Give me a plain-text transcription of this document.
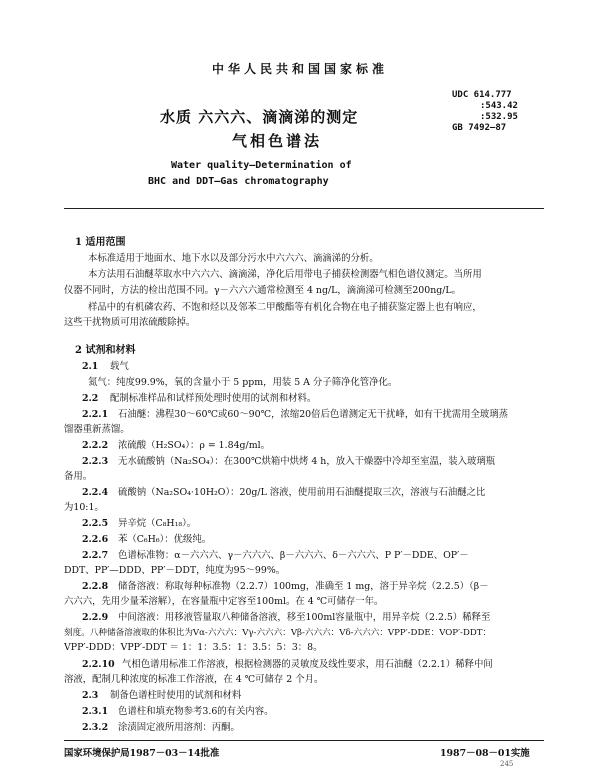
中华人民共和国国家标准
水质 六六六、滴滴涕的测定
气相色谱法
UDC 614.777
:543.42
:532.95
GB 7492—87
Water quality—Determination of
BHC and DDT—Gas chromatography
1 适用范围
本标准适用于地面水、地下水以及部分污水中六六六、滴滴涕的分析。
本方法用石油醚萃取水中六六六、滴滴涕，净化后用带电子捕获检测器气相色谱仪测定。当所用
仪器不同时，方法的检出范围不同。γ－六六六通常检测至 4 ng/L，滴滴涕可检测至200ng/L。
样品中的有机磷农药、不饱和烃以及邻苯二甲酸酯等有机化合物在电子捕获鉴定器上也有响应，
这些干扰物质可用浓硫酸除掉。
2 试剂和材料
2.1 载气
氮气：纯度99.9%，氧的含量小于 5 ppm，用装 5 A 分子筛净化管净化。
2.2 配制标准样品和试样预处理时使用的试剂和材料。
2.2.1 石油醚：沸程30～60℃或60～90℃，浓缩20倍后色谱测定无干扰峰，如有干扰需用全玻璃蒸
馏器重新蒸馏。
2.2.2 浓硫酸（H₂SO₄）：ρ = 1.84g/ml。
2.2.3 无水硫酸钠（Na₂SO₄）：在300℃烘箱中烘烤 4 h，放入干燥器中冷却至室温，装入玻璃瓶
备用。
2.2.4 硫酸钠（Na₂SO₄·10H₂O）：20g/L 溶液，使用前用石油醚提取三次，溶液与石油醚之比
为10:1。
2.2.5 异辛烷（C₈H₁₈）。
2.2.6 苯（C₆H₆）：优级纯。
2.2.7 色谱标准物：α－六六六、γ－六六六、β－六六六、δ－六六六、P P′－DDE、OP′－
DDT、PP′—DDD、PP′－DDT，纯度为95～99%。
2.2.8 储备溶液：称取每种标准物（2.2.7）100mg，准确至 1 mg，溶于异辛烷（2.2.5）（β－
六六六，先用少量苯溶解），在容量瓶中定容至100ml。在 4 ℃可储存一年。
2.2.9 中间溶液：用移液管量取八种储备溶液，移至100ml容量瓶中，用异辛烷（2.2.5）稀释至
刻度。八种储备溶液取的体积比为Vα-六六六：Vγ-六六六：Vβ-六六六：Vδ-六六六：VPP′-DDE：VOP′-DDT：
VPP′-DDD：VPP′-DDT ＝ 1：1：3.5：1：3.5：5：3：8。
2.2.10 气相色谱用标准工作溶液，根据检测器的灵敏度及线性要求，用石油醚（2.2.1）稀释中间
溶液，配制几种浓度的标准工作溶液，在 4 ℃可储存 2 个月。
2.3 制备色谱柱时使用的试剂和材料
2.3.1 色谱柱和填充物参考3.6的有关内容。
2.3.2 涂渍固定液所用溶剂：丙酮。
国家环境保护局1987－03－14批准	1987－08－01实施
245
